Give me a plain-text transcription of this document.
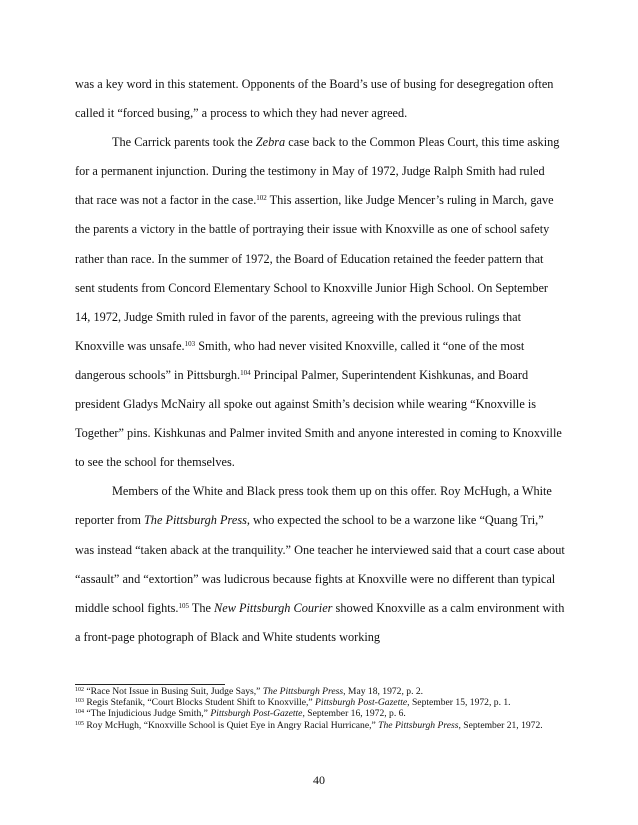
was a key word in this statement. Opponents of the Board’s use of busing for desegregation often called it “forced busing,” a process to which they had never agreed.

The Carrick parents took the Zebra case back to the Common Pleas Court, this time asking for a permanent injunction. During the testimony in May of 1972, Judge Ralph Smith had ruled that race was not a factor in the case.$^{102}$ This assertion, like Judge Mencer’s ruling in March, gave the parents a victory in the battle of portraying their issue with Knoxville as one of school safety rather than race. In the summer of 1972, the Board of Education retained the feeder pattern that sent students from Concord Elementary School to Knoxville Junior High School. On September 14, 1972, Judge Smith ruled in favor of the parents, agreeing with the previous rulings that Knoxville was unsafe.$^{103}$ Smith, who had never visited Knoxville, called it “one of the most dangerous schools” in Pittsburgh.$^{104}$ Principal Palmer, Superintendent Kishkunas, and Board president Gladys McNairy all spoke out against Smith’s decision while wearing “Knoxville is Together” pins. Kishkunas and Palmer invited Smith and anyone interested in coming to Knoxville to see the school for themselves.

Members of the White and Black press took them up on this offer. Roy McHugh, a White reporter from The Pittsburgh Press, who expected the school to be a warzone like “Quang Tri,” was instead “taken aback at the tranquility.” One teacher he interviewed said that a court case about “assault” and “extortion” was ludicrous because fights at Knoxville were no different than typical middle school fights.$^{105}$ The New Pittsburgh Courier showed Knoxville as a calm environment with a front-page photograph of Black and White students working

$^{102}$ “Race Not Issue in Busing Suit, Judge Says,” The Pittsburgh Press, May 18, 1972, p. 2.

$^{103}$ Regis Stefanik, “Court Blocks Student Shift to Knoxville,” Pittsburgh Post-Gazette, September 15, 1972, p. 1.

$^{104}$ “The Injudicious Judge Smith,” Pittsburgh Post-Gazette, September 16, 1972, p. 6.

$^{105}$ Roy McHugh, “Knoxville School is Quiet Eye in Angry Racial Hurricane,” The Pittsburgh Press, September 21, 1972.

40
